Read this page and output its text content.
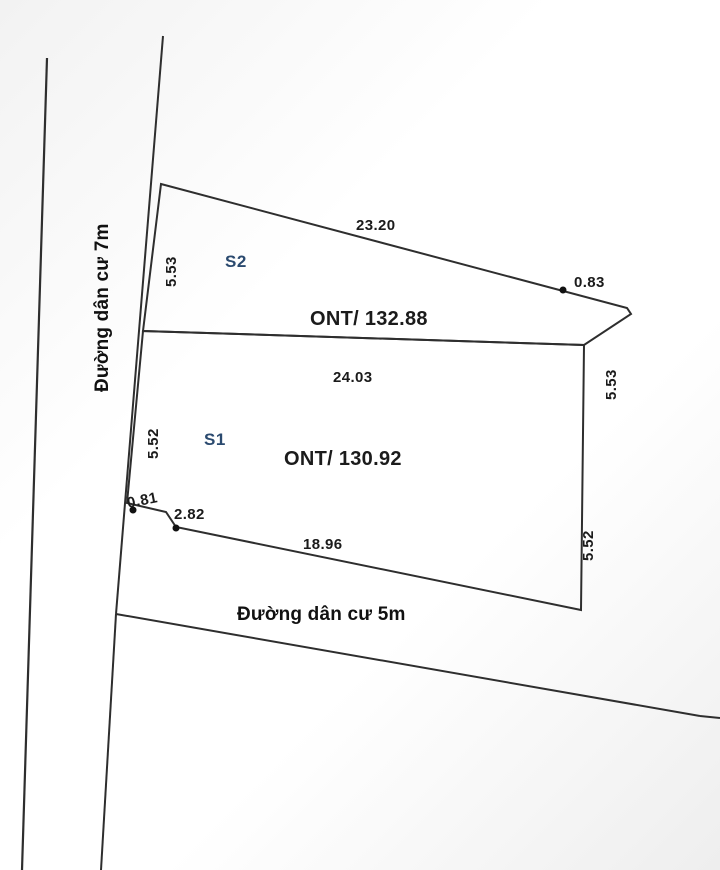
Đường dân cư 7m
Đường dân cư 5m
S2
ONT/ 132.88
23.20
5.53
5.53
0.83
S1
ONT/ 130.92
24.03
5.52
5.52
0.81
2.82
18.96
